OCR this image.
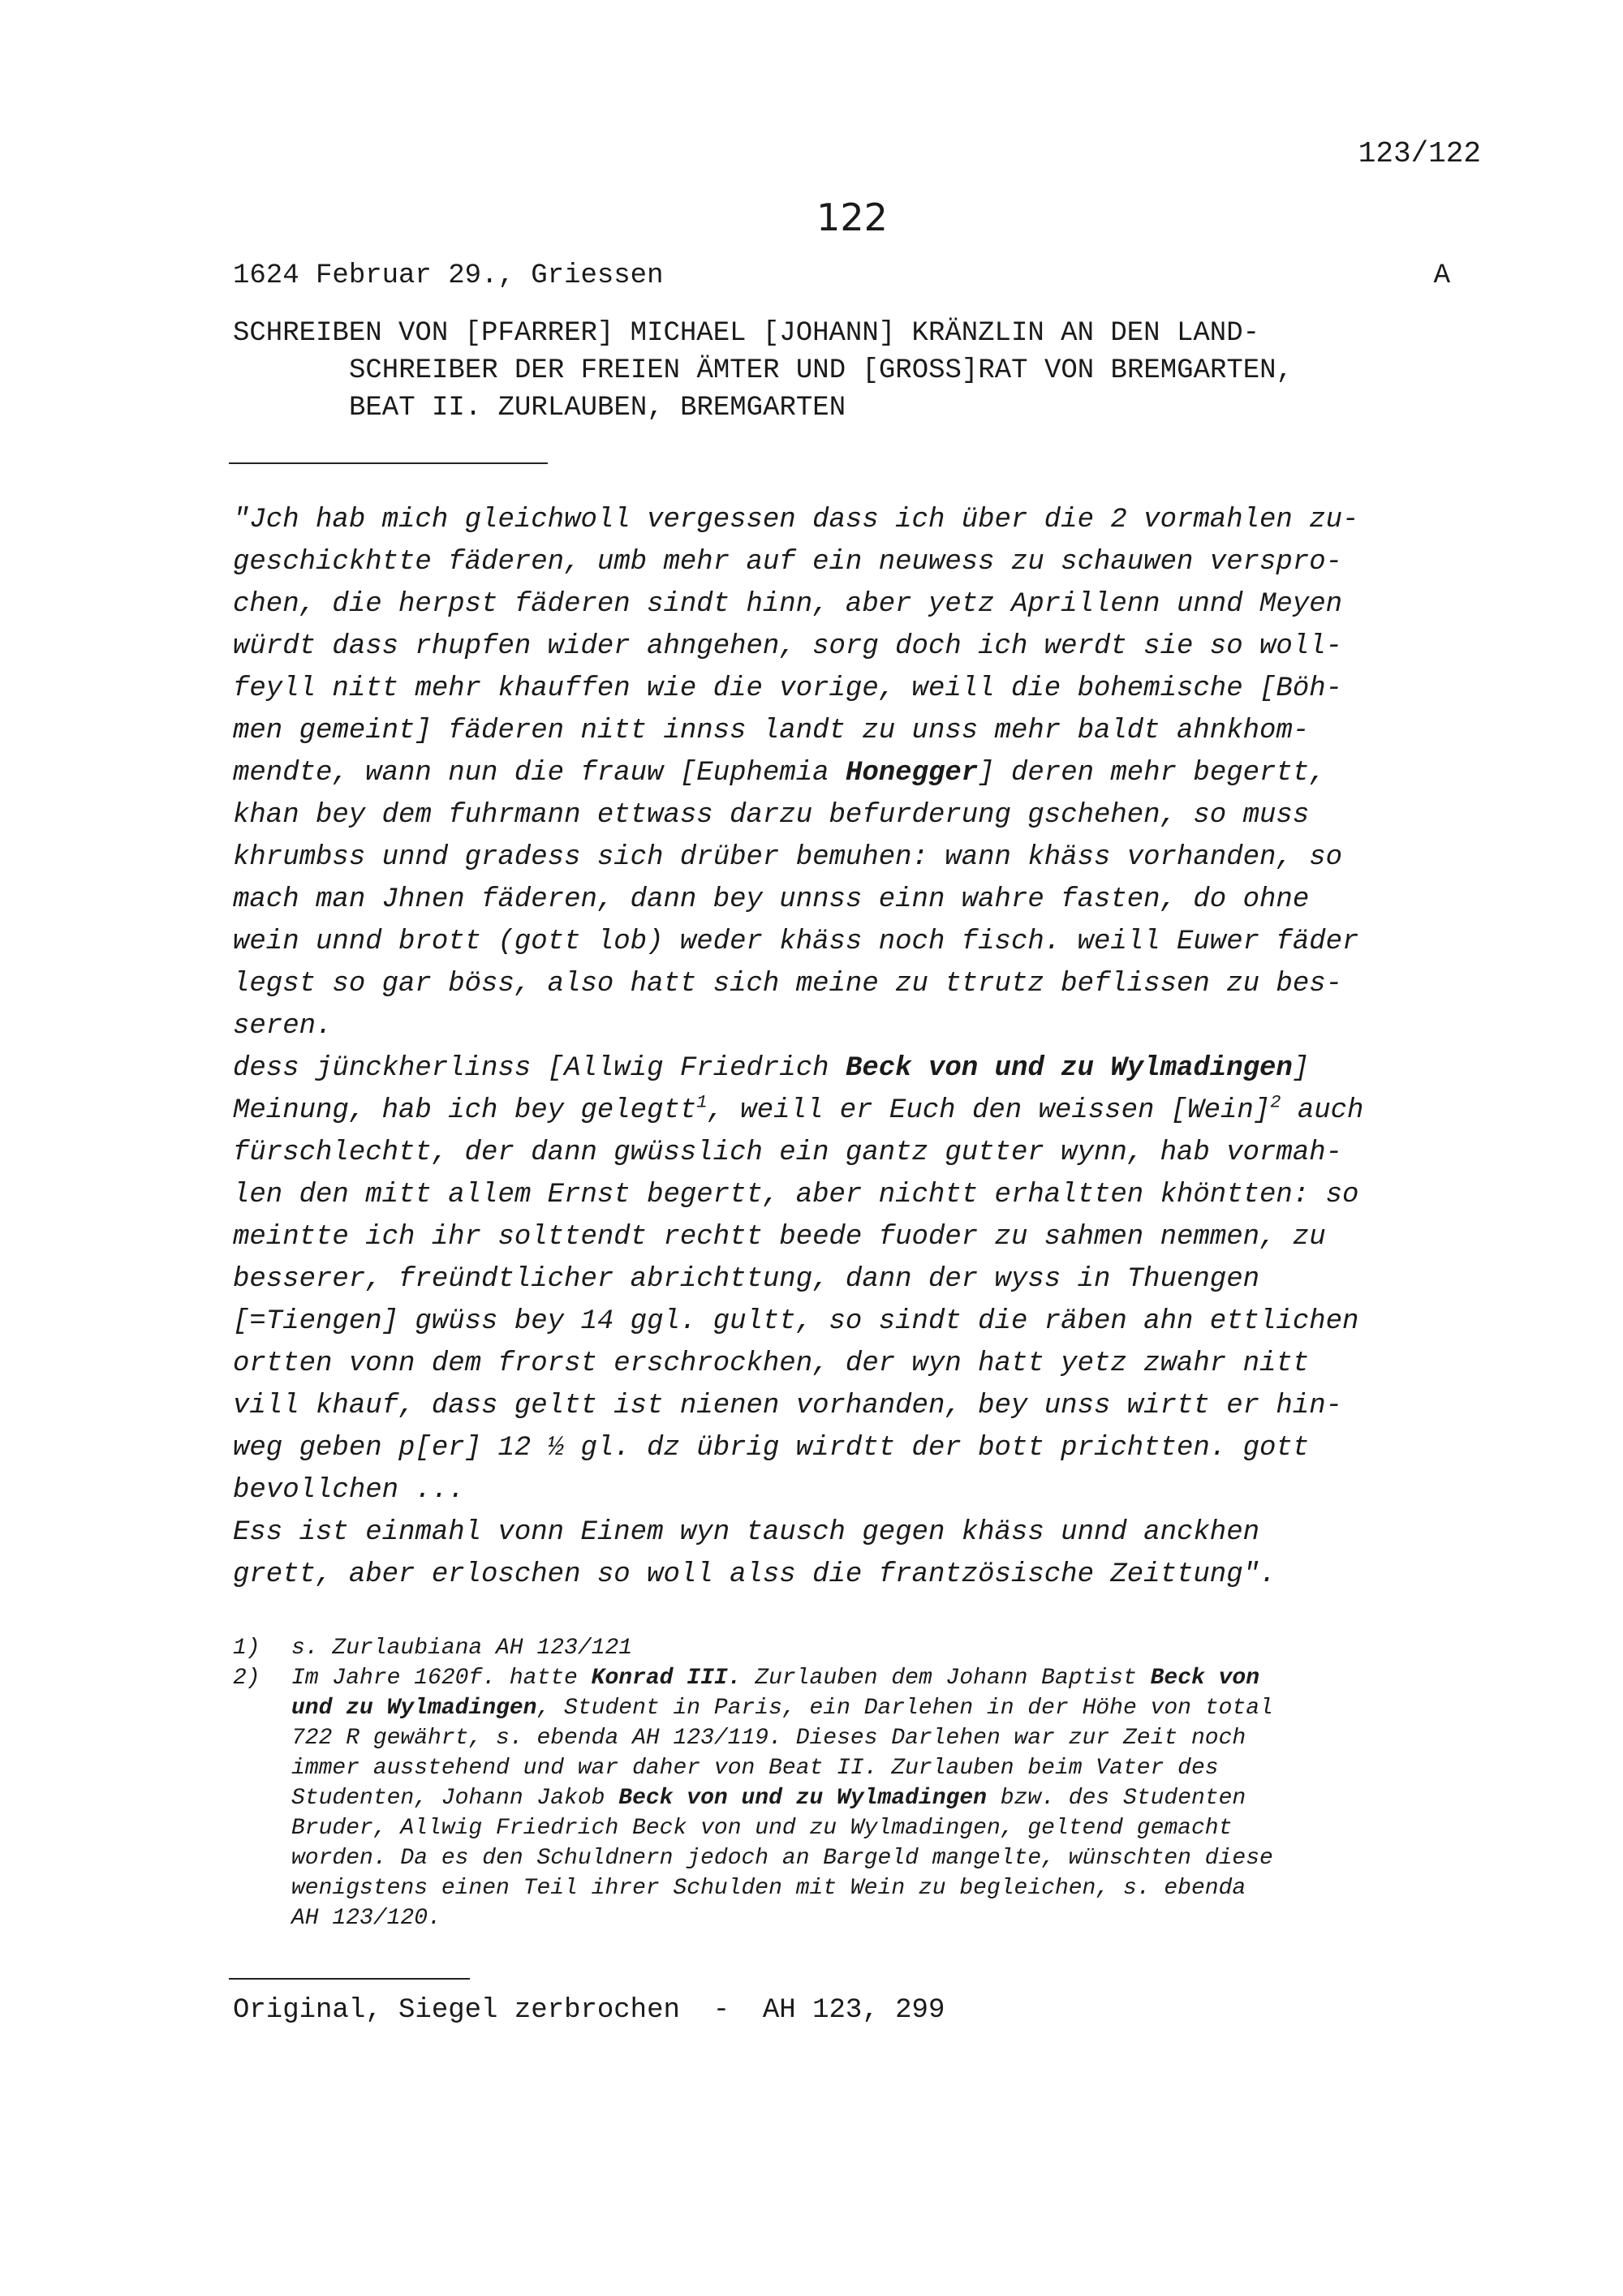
123/122
122
1624 Februar 29., Griessen	A
SCHREIBEN VON [PFARRER] MICHAEL [JOHANN] KRÄNZLIN AN DEN LAND-
SCHREIBER DER FREIEN ÄMTER UND [GROSS]RAT VON BREMGARTEN,
BEAT II. ZURLAUBEN, BREMGARTEN
"Jch hab mich gleichwoll vergessen dass ich über die 2 vormahlen zu-
geschickhtte fäderen, umb mehr auf ein neuwess zu schauwen verspro-
chen, die herpst fäderen sindt hinn, aber yetz Aprillenn unnd Meyen
würdt dass rhupfen wider ahngehen, sorg doch ich werdt sie so woll-
feyll nitt mehr khauffen wie die vorige, weill die bohemische [Böh-
men gemeint] fäderen nitt innss landt zu unss mehr baldt ahnkhom-
mendte, wann nun die frauw [Euphemia Honegger] deren mehr begertt,
khan bey dem fuhrmann ettwass darzu befurderung gschehen, so muss
khrumbss unnd gradess sich drüber bemuhen: wann khäss vorhanden, so
mach man Jhnen fäderen, dann bey unnss einn wahre fasten, do ohne
wein unnd brott (gott lob) weder khäss noch fisch. weill Euwer fäder
legst so gar böss, also hatt sich meine zu ttrutz beflissen zu bes-
seren.
dess jünckherlinss [Allwig Friedrich Beck von und zu Wylmadingen]
Meinung, hab ich bey gelegtt$^1$, weill er Euch den weissen [Wein]$^2$ auch
fürschlechtt, der dann gwüsslich ein gantz gutter wynn, hab vormah-
len den mitt allem Ernst begertt, aber nichtt erhaltten khöntten: so
meintte ich ihr solttendt rechtt beede fuoder zu sahmen nemmen, zu
besserer, freündtlicher abrichttung, dann der wyss in Thuengen
[=Tiengen] gwüss bey 14 ggl. gultt, so sindt die räben ahn ettlichen
ortten vonn dem frorst erschrockhen, der wyn hatt yetz zwahr nitt
vill khauf, dass geltt ist nienen vorhanden, bey unss wirtt er hin-
weg geben p[er] 12 ½ gl. dz übrig wirdtt der bott prichtten. gott
bevollchen ...
Ess ist einmahl vonn Einem wyn tausch gegen khäss unnd anckhen
grett, aber erloschen so woll alss die frantzösische Zeittung".
1)	s. Zurlaubiana AH 123/121
2)	Im Jahre 1620f. hatte Konrad III. Zurlauben dem Johann Baptist Beck von
und zu Wylmadingen, Student in Paris, ein Darlehen in der Höhe von total
722 R gewährt, s. ebenda AH 123/119. Dieses Darlehen war zur Zeit noch
immer ausstehend und war daher von Beat II. Zurlauben beim Vater des
Studenten, Johann Jakob Beck von und zu Wylmadingen bzw. des Studenten
Bruder, Allwig Friedrich Beck von und zu Wylmadingen, geltend gemacht
worden. Da es den Schuldnern jedoch an Bargeld mangelte, wünschten diese
wenigstens einen Teil ihrer Schulden mit Wein zu begleichen, s. ebenda
AH 123/120.
Original, Siegel zerbrochen  -  AH 123, 299
